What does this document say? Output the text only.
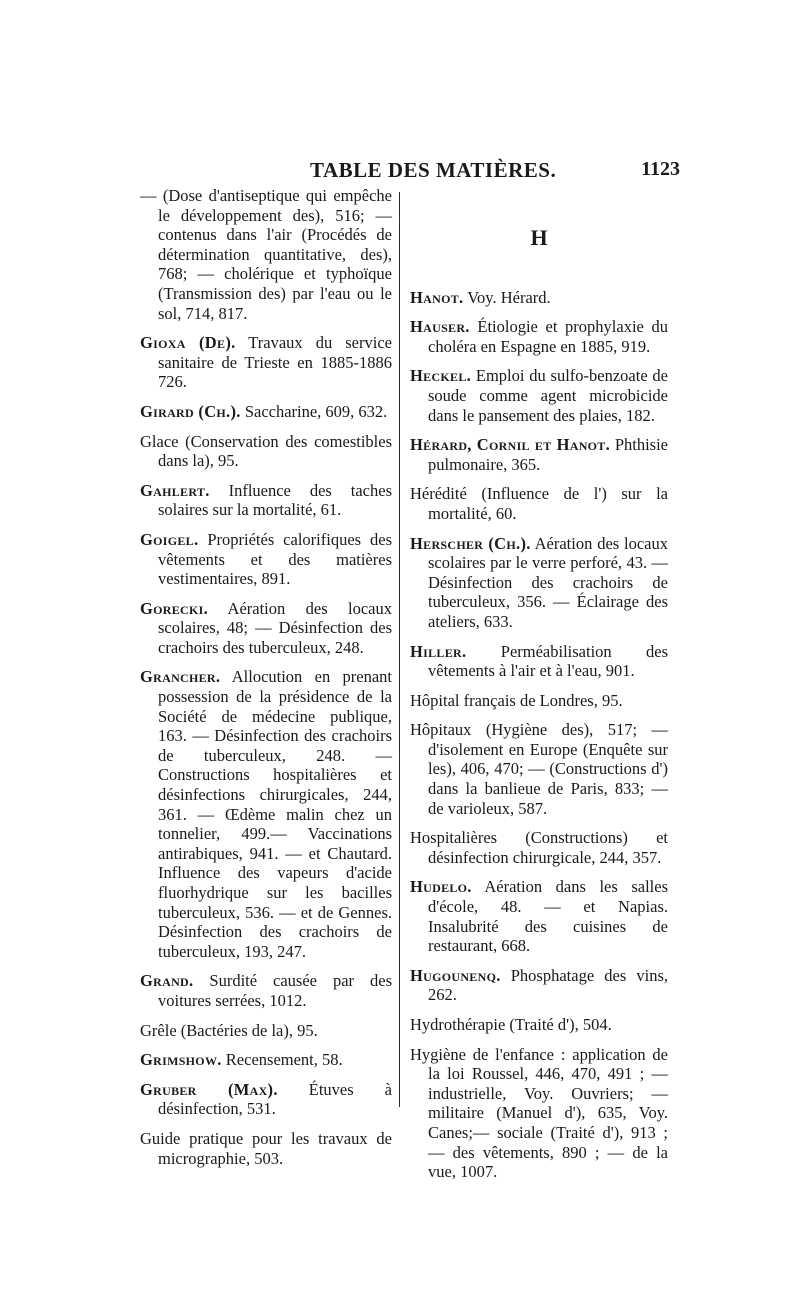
TABLE DES MATIÈRES.	1123

— (Dose d'antiseptique qui empêche le développement des), 516; — contenus dans l'air (Procédés de détermination quantitative, des), 768; — cholérique et typhoïque (Transmission des) par l'eau ou le sol, 714, 817.

Gioxa (De). Travaux du service sanitaire de Trieste en 1885-1886 726.

Girard (Ch.). Saccharine, 609, 632.

Glace (Conservation des comestibles dans la), 95.

Gahlert. Influence des taches solaires sur la mortalité, 61.

Goigel. Propriétés calorifiques des vêtements et des matières vestimentaires, 891.

Gorecki. Aération des locaux scolaires, 48; — Désinfection des crachoirs des tuberculeux, 248.

Grancher. Allocution en prenant possession de la présidence de la Société de médecine publique, 163. — Désinfection des crachoirs de tuberculeux, 248. — Constructions hospitalières et désinfections chirurgicales, 244, 361. — Œdème malin chez un tonnelier, 499.— Vaccinations antirabiques, 941. — et Chautard. Influence des vapeurs d'acide fluorhydrique sur les bacilles tuberculeux, 536. — et de Gennes. Désinfection des crachoirs de tuberculeux, 193, 247.

Grand. Surdité causée par des voitures serrées, 1012.

Grêle (Bactéries de la), 95.

Grimshow. Recensement, 58.

Gruber (Max). Étuves à désinfection, 531.

Guide pratique pour les travaux de micrographie, 503.

H

Hanot. Voy. Hérard.

Hauser. Étiologie et prophylaxie du choléra en Espagne en 1885, 919.

Heckel. Emploi du sulfo-benzoate de soude comme agent microbicide dans le pansement des plaies, 182.

Hérard, Cornil et Hanot. Phthisie pulmonaire, 365.

Hérédité (Influence de l') sur la mortalité, 60.

Herscher (Ch.). Aération des locaux scolaires par le verre perforé, 43. — Désinfection des crachoirs de tuberculeux, 356. — Éclairage des ateliers, 633.

Hiller. Perméabilisation des vêtements à l'air et à l'eau, 901.

Hôpital français de Londres, 95.

Hôpitaux (Hygiène des), 517; — d'isolement en Europe (Enquête sur les), 406, 470; — (Constructions d') dans la banlieue de Paris, 833; — de varioleux, 587.

Hospitalières (Constructions) et désinfection chirurgicale, 244, 357.

Hudelo. Aération dans les salles d'école, 48. — et Napias. Insalubrité des cuisines de restaurant, 668.

Hugounenq. Phosphatage des vins, 262.

Hydrothérapie (Traité d'), 504.

Hygiène de l'enfance : application de la loi Roussel, 446, 470, 491 ; — industrielle, Voy. Ouvriers; — militaire (Manuel d'), 635, Voy. Canes;— sociale (Traité d'), 913 ; — des vêtements, 890 ; — de la vue, 1007.
